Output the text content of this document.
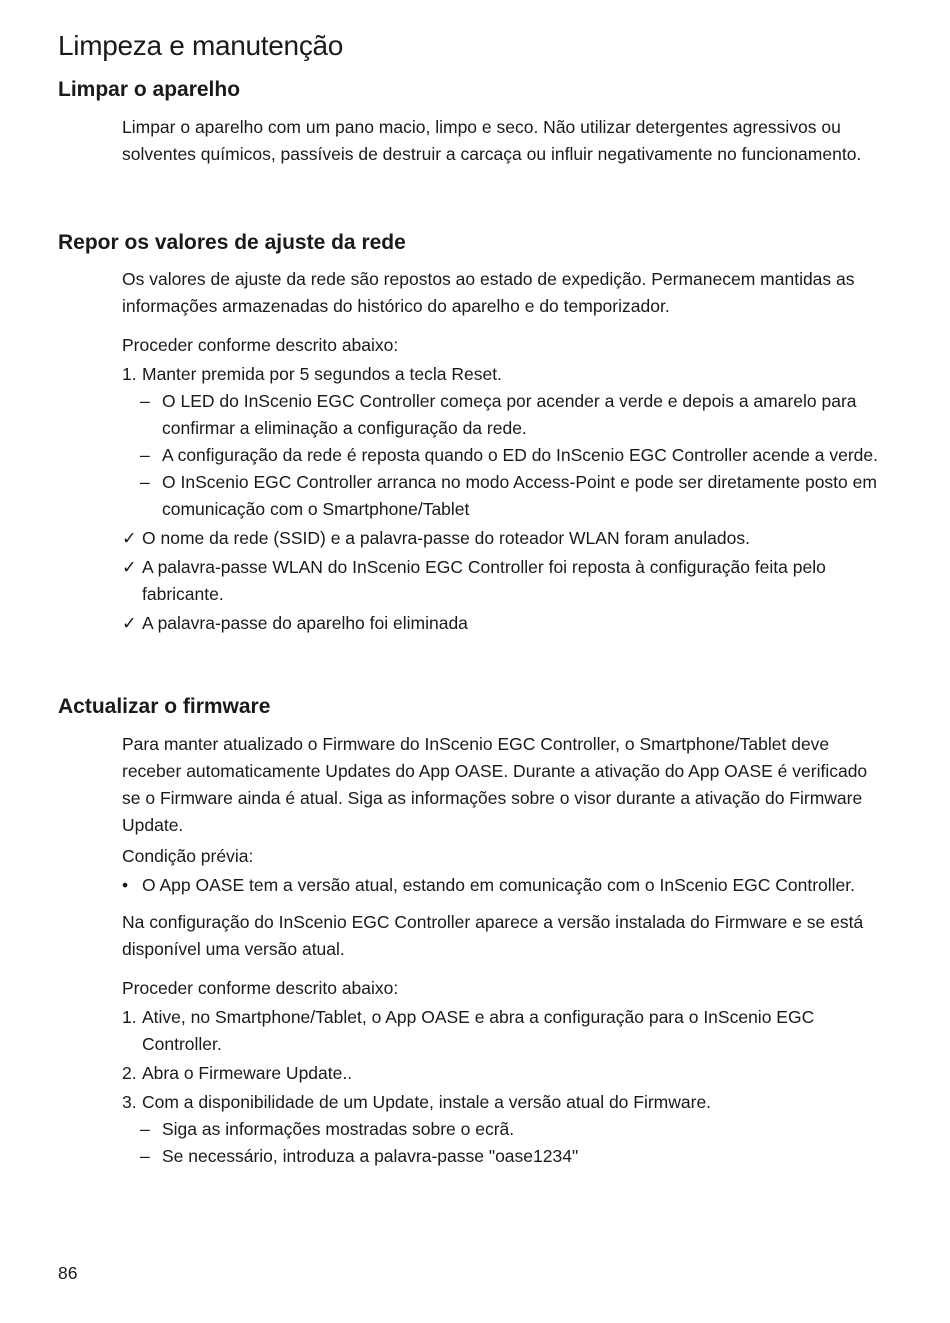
Limpeza e manutenção
Limpar o aparelho

Limpar o aparelho com um pano macio, limpo e seco. Não utilizar detergentes agressivos ou solventes químicos, passíveis de destruir a carcaça ou influir negativamente no funcionamento.

Repor os valores de ajuste da rede

Os valores de ajuste da rede são repostos ao estado de expedição. Permanecem mantidas as informações armazenadas do histórico do aparelho e do temporizador.

Proceder conforme descrito abaixo:

1. Manter premida por 5 segundos a tecla Reset.
– O LED do InScenio EGC Controller começa por acender a verde e depois a amarelo para confirmar a eliminação a configuração da rede.
– A configuração da rede é reposta quando o ED do InScenio EGC Controller acende a verde.
– O InScenio EGC Controller arranca no modo Access-Point e pode ser diretamente posto em comunicação com o Smartphone/Tablet
✓ O nome da rede (SSID) e a palavra-passe do roteador WLAN foram anulados.
✓ A palavra-passe WLAN do InScenio EGC Controller foi reposta à configuração feita pelo fabricante.
✓ A palavra-passe do aparelho foi eliminada
Actualizar o firmware

Para manter atualizado o Firmware do InScenio EGC Controller, o Smartphone/Tablet deve receber automaticamente Updates do App OASE. Durante a ativação do App OASE é verificado se o Firmware ainda é atual. Siga as informações sobre o visor durante a ativação do Firmware Update.

Condição prévia:

• O App OASE tem a versão atual, estando em comunicação com o InScenio EGC Controller.

Na configuração do InScenio EGC Controller aparece a versão instalada do Firmware e se está disponível uma versão atual.

Proceder conforme descrito abaixo:

1. Ative, no Smartphone/Tablet, o App OASE e abra a configuração para o InScenio EGC Controller.
2. Abra o Firmeware Update..
3. Com a disponibilidade de um Update, instale a versão atual do Firmware.
– Siga as informações mostradas sobre o ecrã.
– Se necessário, introduza a palavra-passe "oase1234"
86
